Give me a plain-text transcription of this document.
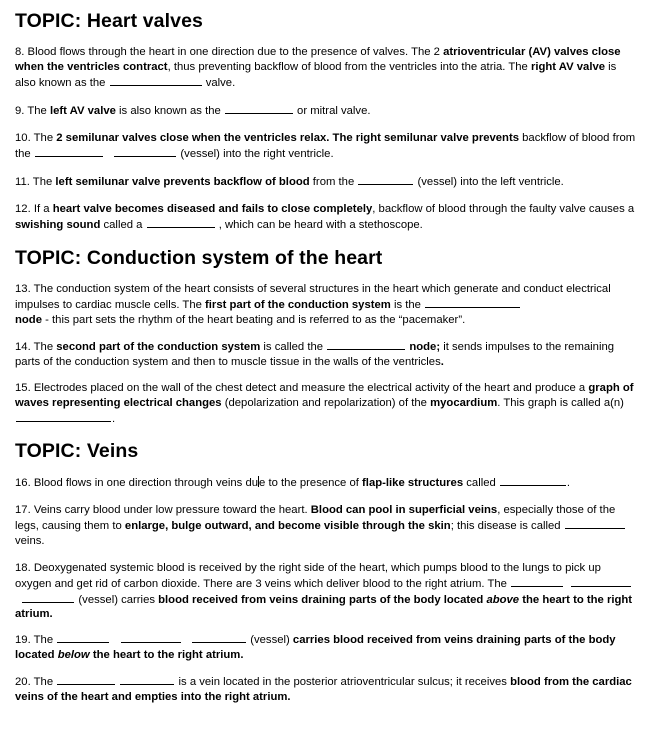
TOPIC: Heart valves

8. Blood flows through the heart in one direction due to the presence of valves. The 2 atrioventricular (AV) valves close when the ventricles contract, thus preventing backflow of blood from the ventricles into the atria. The right AV valve is also known as the	valve.

9. The left AV valve is also known as the	or mitral valve.

10. The 2 semilunar valves close when the ventricles relax. The right semilunar valve prevents backflow of blood from the	(vessel) into the right ventricle.

11. The left semilunar valve prevents backflow of blood from the	(vessel) into the left ventricle.

12. If a heart valve becomes diseased and fails to close completely, backflow of blood through the faulty valve causes a swishing sound called a	, which can be heard with a stethoscope.

TOPIC: Conduction system of the heart

13. The conduction system of the heart consists of several structures in the heart which generate and conduct electrical impulses to cardiac muscle cells. The first part of the conduction system is the
node - this part sets the rhythm of the heart beating and is referred to as the “pacemaker”.

14. The second part of the conduction system is called the	node; it sends impulses to the remaining parts of the conduction system and then to muscle tissue in the walls of the ventricles.

15. Electrodes placed on the wall of the chest detect and measure the electrical activity of the heart and produce a graph of waves representing electrical changes (depolarization and repolarization) of the myocardium. This graph is called a(n) .

TOPIC: Veins

16. Blood flows in one direction through veins due to the presence of flap-like structures called	.

17. Veins carry blood under low pressure toward the heart. Blood can pool in superficial veins, especially those of the legs, causing them to enlarge, bulge outward, and become visible through the skin; this disease is called  veins.

18. Deoxygenated systemic blood is received by the right side of the heart, which pumps blood to the lungs to pick up oxygen and get rid of carbon dioxide. There are 3 veins which deliver blood to the right atrium. The      (vessel) carries blood received from veins draining parts of the body located above the heart to the right atrium.

19. The	(vessel) carries blood received from veins draining parts of the body located below the heart to the right atrium.

20. The	is a vein located in the posterior atrioventricular sulcus; it receives blood from the cardiac veins of the heart and empties into the right atrium.
